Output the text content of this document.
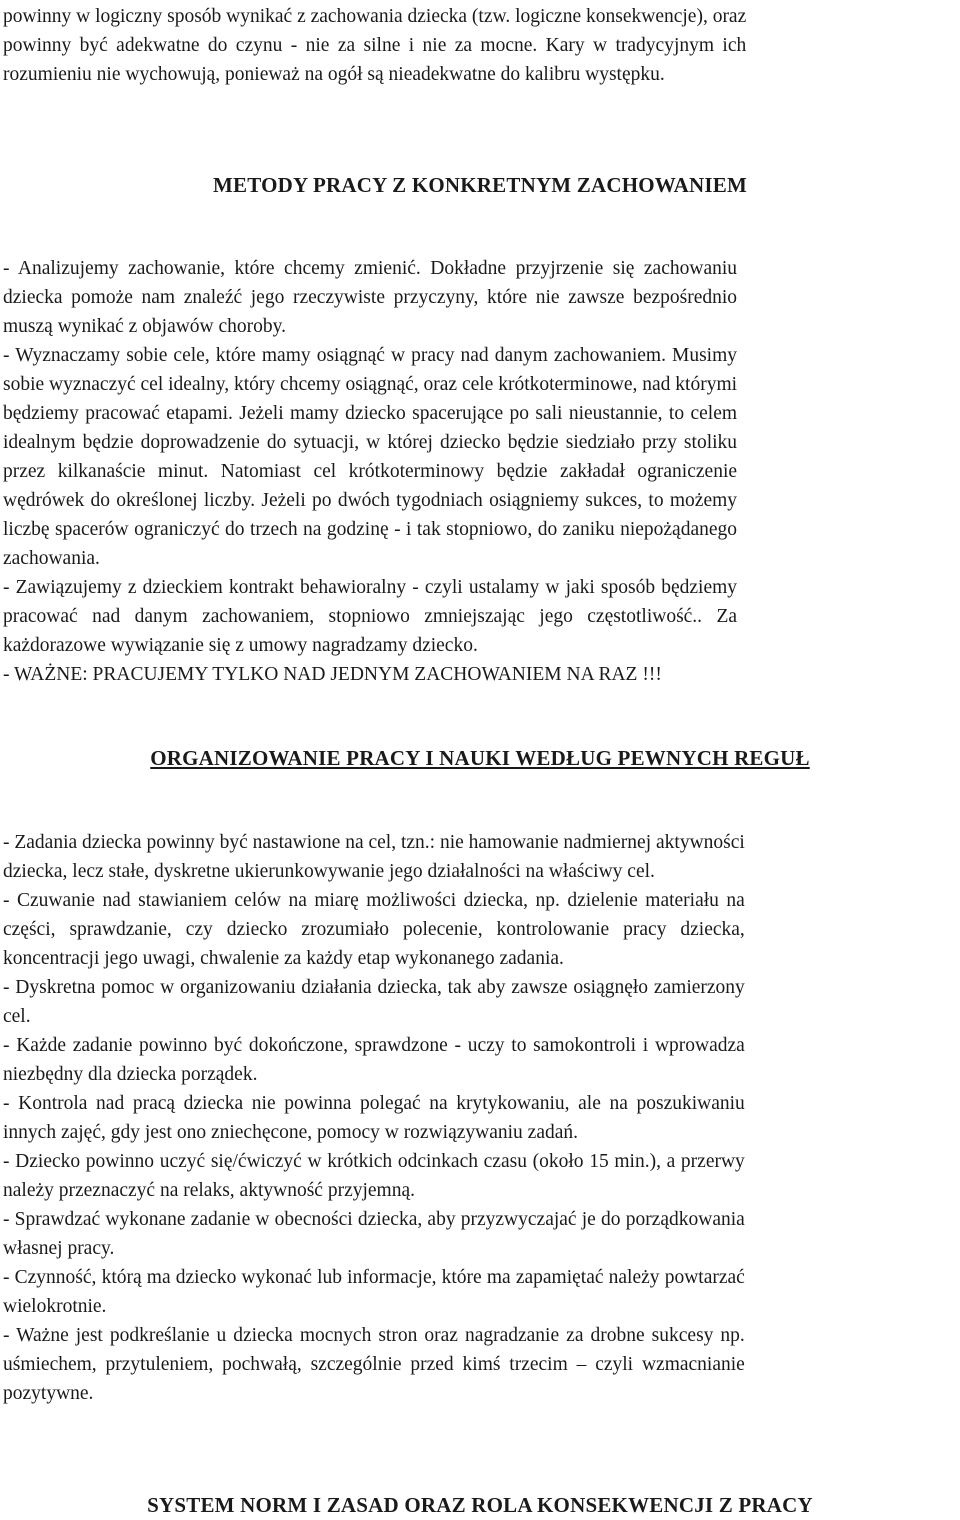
powinny w logiczny sposób wynikać z zachowania dziecka (tzw. logiczne konsekwencje), oraz
powinny być adekwatne do czynu - nie za silne i nie za mocne. Kary w tradycyjnym ich
rozumieniu nie wychowują, ponieważ na ogół są nieadekwatne do kalibru występku.
METODY PRACY Z KONKRETNYM ZACHOWANIEM
- Analizujemy zachowanie, które chcemy zmienić. Dokładne przyjrzenie się zachowaniu
dziecka pomoże nam znaleźć jego rzeczywiste przyczyny, które nie zawsze bezpośrednio
muszą wynikać z objawów choroby.
- Wyznaczamy sobie cele, które mamy osiągnąć w pracy nad danym zachowaniem. Musimy
sobie wyznaczyć cel idealny, który chcemy osiągnąć, oraz cele krótkoterminowe, nad którymi
będziemy pracować etapami. Jeżeli mamy dziecko spacerujące po sali nieustannie, to celem
idealnym będzie doprowadzenie do sytuacji, w której dziecko będzie siedziało przy stoliku
przez kilkanaście minut. Natomiast cel krótkoterminowy będzie zakładał ograniczenie
wędrówek do określonej liczby. Jeżeli po dwóch tygodniach osiągniemy sukces, to możemy
liczbę spacerów ograniczyć do trzech na godzinę - i tak stopniowo, do zaniku niepożądanego
zachowania.
- Zawiązujemy z dzieckiem kontrakt behawioralny - czyli ustalamy w jaki sposób będziemy
pracować nad danym zachowaniem, stopniowo zmniejszając jego częstotliwość.. Za
każdorazowe wywiązanie się z umowy nagradzamy dziecko.
- WAŻNE: PRACUJEMY TYLKO NAD JEDNYM ZACHOWANIEM NA RAZ !!!
ORGANIZOWANIE PRACY I NAUKI WEDŁUG PEWNYCH REGUŁ
- Zadania dziecka powinny być nastawione na cel, tzn.: nie hamowanie nadmiernej aktywności
dziecka, lecz stałe, dyskretne ukierunkowywanie jego działalności na właściwy cel.
- Czuwanie nad stawianiem celów na miarę możliwości dziecka, np. dzielenie materiału na
części, sprawdzanie, czy dziecko zrozumiało polecenie, kontrolowanie pracy dziecka,
koncentracji jego uwagi, chwalenie za każdy etap wykonanego zadania.
- Dyskretna pomoc w organizowaniu działania dziecka, tak aby zawsze osiągnęło zamierzony
cel.
- Każde zadanie powinno być dokończone, sprawdzone - uczy to samokontroli i wprowadza
niezbędny dla dziecka porządek.
- Kontrola nad pracą dziecka nie powinna polegać na krytykowaniu, ale na poszukiwaniu
innych zajęć, gdy jest ono zniechęcone, pomocy w rozwiązywaniu zadań.
- Dziecko powinno uczyć się/ćwiczyć w krótkich odcinkach czasu (około 15 min.), a przerwy
należy przeznaczyć na relaks, aktywność przyjemną.
- Sprawdzać wykonane zadanie w obecności dziecka, aby przyzwyczajać je do porządkowania
własnej pracy.
- Czynność, którą ma dziecko wykonać lub informacje, które ma zapamiętać należy powtarzać
wielokrotnie.
- Ważne jest podkreślanie u dziecka mocnych stron oraz nagradzanie za drobne sukcesy np.
uśmiechem, przytuleniem, pochwałą, szczególnie przed kimś trzecim – czyli wzmacnianie
pozytywne.
SYSTEM NORM I ZASAD ORAZ ROLA KONSEKWENCJI Z PRACY
